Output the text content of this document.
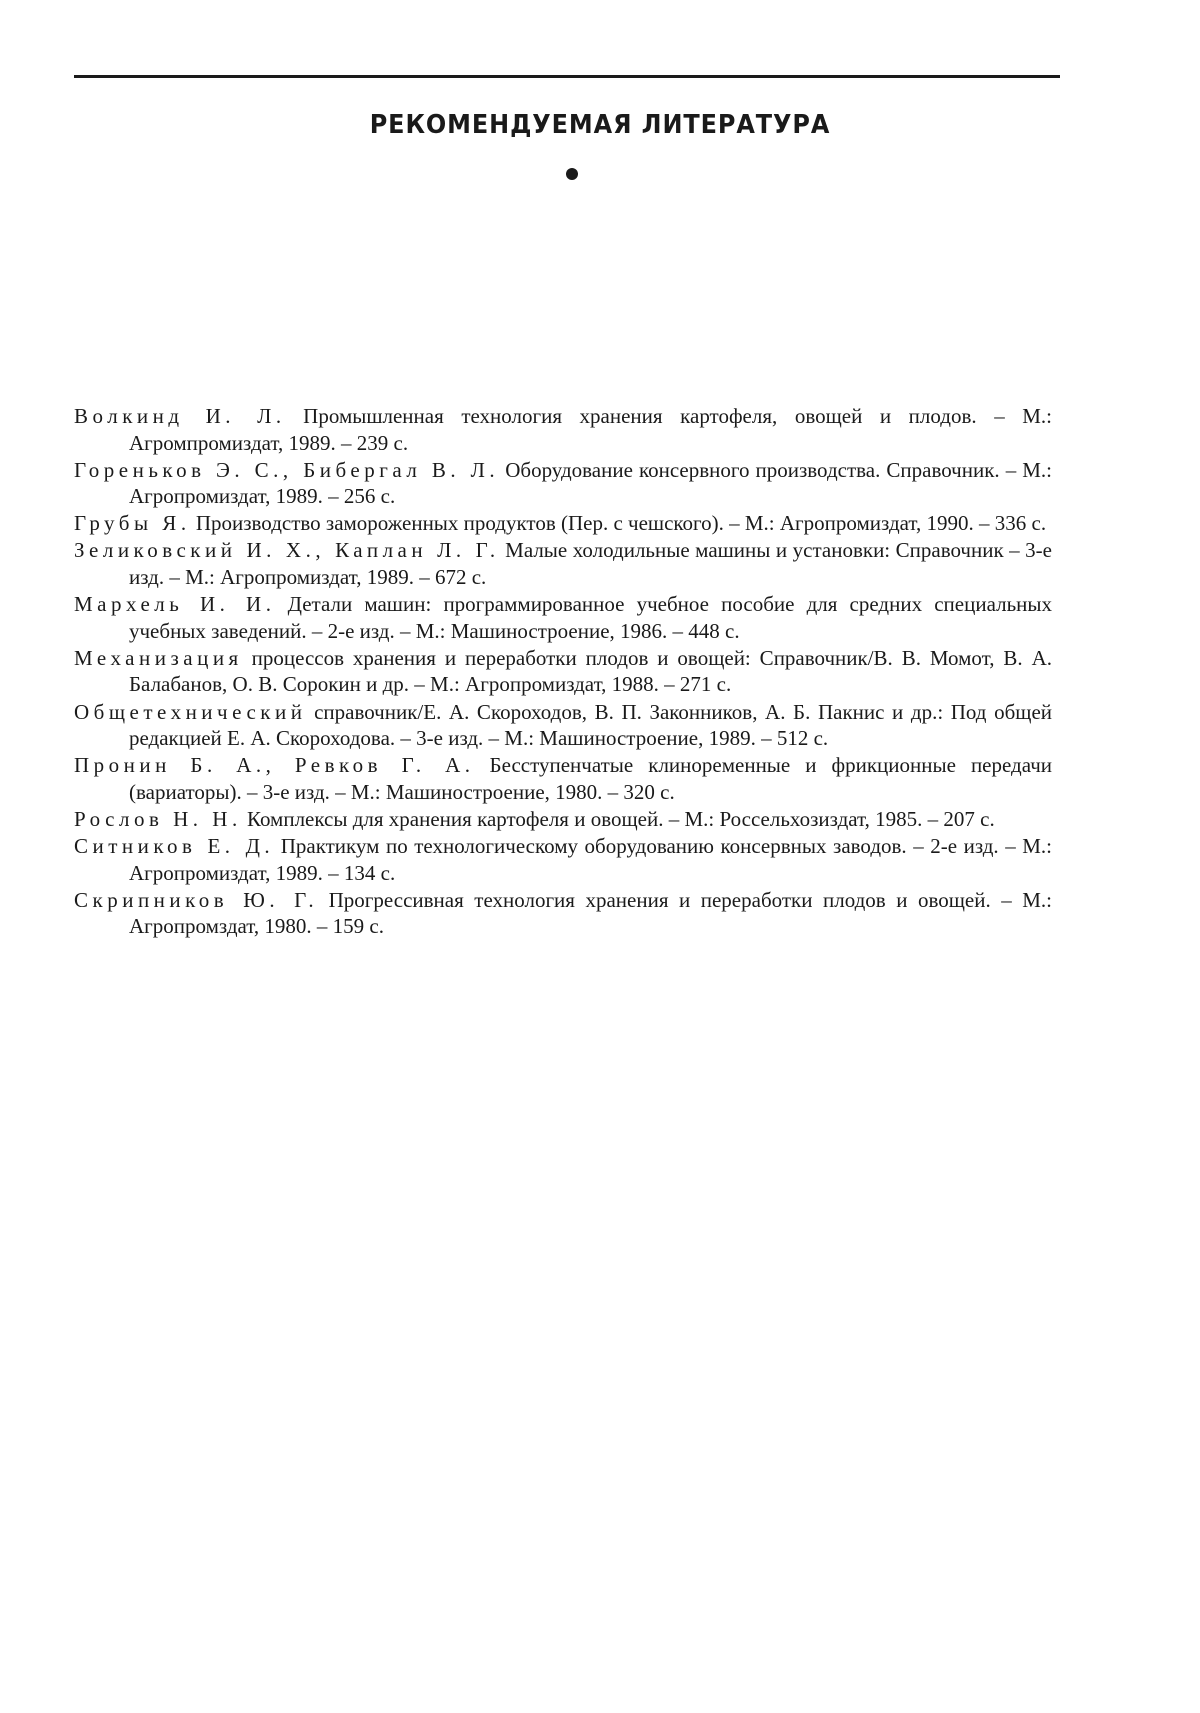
РЕКОМЕНДУЕМАЯ ЛИТЕРАТУРА
Волкинд И. Л. Промышленная технология хранения картофеля, овощей и плодов. – М.: Агромпромиздат, 1989. – 239 с.
Гореньков Э. С., Бибергал В. Л. Оборудование консервного производства. Справочник. – М.: Агропромиздат, 1989. – 256 с.
Грубы Я. Производство замороженных продуктов (Пер. с чешского). – М.: Агропромиздат, 1990. – 336 с.
Зеликовский И. Х., Каплан Л. Г. Малые холодильные машины и установки: Справочник – 3-е изд. – М.: Агропромиздат, 1989. – 672 с.
Мархель И. И. Детали машин: программированное учебное пособие для средних специальных учебных заведений. – 2-е изд. – М.: Машиностроение, 1986. – 448 с.
Механизация процессов хранения и переработки плодов и овощей: Справочник/В. В. Момот, В. А. Балабанов, О. В. Сорокин и др. – М.: Агропромиздат, 1988. – 271 с.
Общетехнический справочник/Е. А. Скороходов, В. П. Законников, А. Б. Пакнис и др.: Под общей редакцией Е. А. Скороходова. – 3-е изд. – М.: Машиностроение, 1989. – 512 с.
Пронин Б. А., Ревков Г. А. Бесступенчатые клиноременные и фрикционные передачи (вариаторы). – 3-е изд. – М.: Машиностроение, 1980. – 320 с.
Рослов Н. Н. Комплексы для хранения картофеля и овощей. – М.: Россельхозиздат, 1985. – 207 с.
Ситников Е. Д. Практикум по технологическому оборудованию консервных заводов. – 2-е изд. – М.: Агропромиздат, 1989. – 134 с.
Скрипников Ю. Г. Прогрессивная технология хранения и переработки плодов и овощей. – М.: Агропромздат, 1980. – 159 с.
